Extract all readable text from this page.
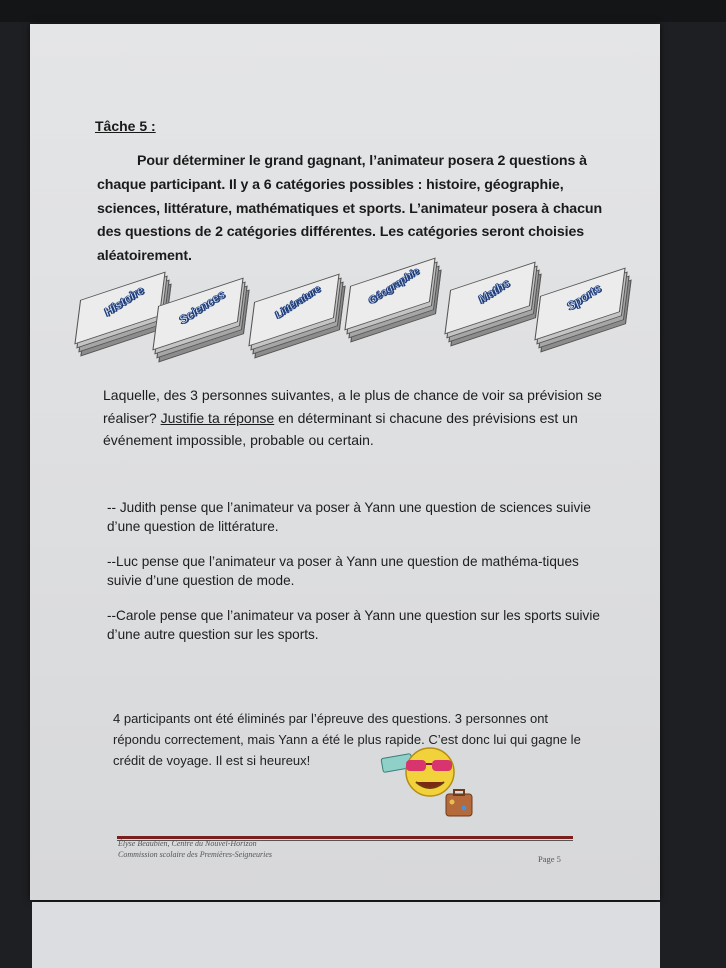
Tâche 5 :
Pour déterminer le grand gagnant, l’animateur posera 2 questions à chaque participant. Il y a 6 catégories possibles : histoire, géographie, sciences, littérature, mathématiques et sports. L’animateur posera à chacun des questions de 2 catégories différentes. Les catégories seront choisies aléatoirement.
Histoire	Sciences	Littérature	Géographie	Maths	Sports
Laquelle, des 3 personnes suivantes, a le plus de chance de voir sa prévision se réaliser? Justifie ta réponse en déterminant si chacune des prévisions est un événement impossible, probable ou certain.
-- Judith pense que l’animateur va poser à Yann une question de sciences suivie d’une question de littérature.
--Luc pense que l’animateur va poser à Yann une question de mathéma-tiques suivie d’une question de mode.
--Carole pense que l’animateur va poser à Yann une question sur les sports suivie d’une autre question sur les sports.
4 participants ont été éliminés par l’épreuve des questions. 3 personnes ont répondu correctement, mais Yann a été le plus rapide. C’est donc lui qui gagne le crédit de voyage. Il est si heureux!
Élyse Beaubien, Centre du Nouvel-Horizon
Commission scolaire des Premières-Seigneuries	Page 5
